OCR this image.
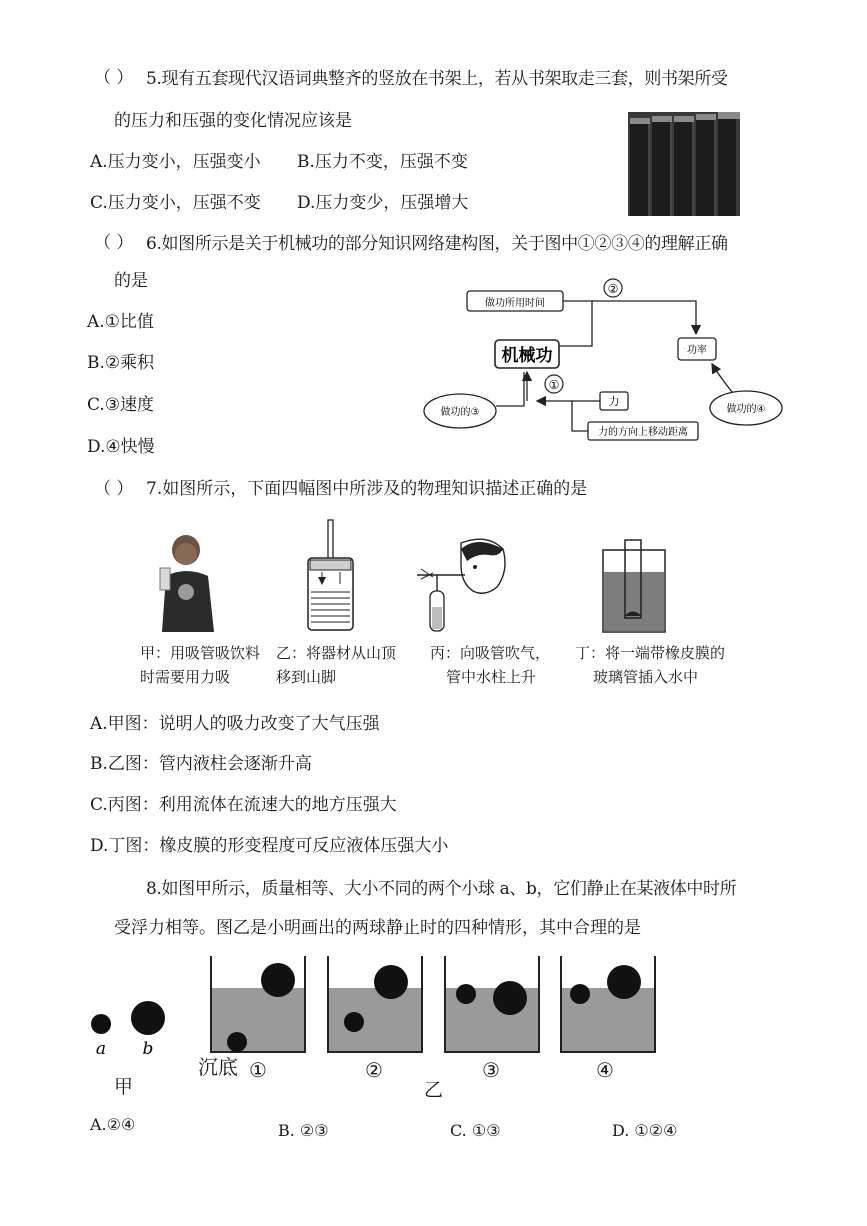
（ ） 5.现有五套现代汉语词典整齐的竖放在书架上，若从书架取走三套，则书架所受
的压力和压强的变化情况应该是
A.压力变小，压强变小 B.压力不变，压强不变
C.压力变小，压强不变 D.压力变少，压强增大
（ ） 6.如图所示是关于机械功的部分知识网络建构图，关于图中①②③④的理解正确
的是
A.①比值
B.②乘积
C.③速度
D.④快慢
做功所用时间
②
机械功	功率
①
力
力的方向上移动距离
做功的③	做功的④
（ ） 7.如图所示，下面四幅图中所涉及的物理知识描述正确的是
甲：用吸管吸饮料
时需要用力吸
乙：将器材从山顶
移到山脚
丙：向吸管吹气，
管中水柱上升
丁：将一端带橡皮膜的
玻璃管插入水中
A.甲图：说明人的吸力改变了大气压强
B.乙图：管内液柱会逐渐升高
C.丙图：利用流体在流速大的地方压强大
D.丁图：橡皮膜的形变程度可反应液体压强大小
8.如图甲所示，质量相等、大小不同的两个小球 a、b，它们静止在某液体中时所
受浮力相等。图乙是小明画出的两球静止时的四种情形，其中合理的是
a b
甲
沉底 ①	②	③	④
乙
A.②④	B. ②③	C. ①③	D. ①②④
